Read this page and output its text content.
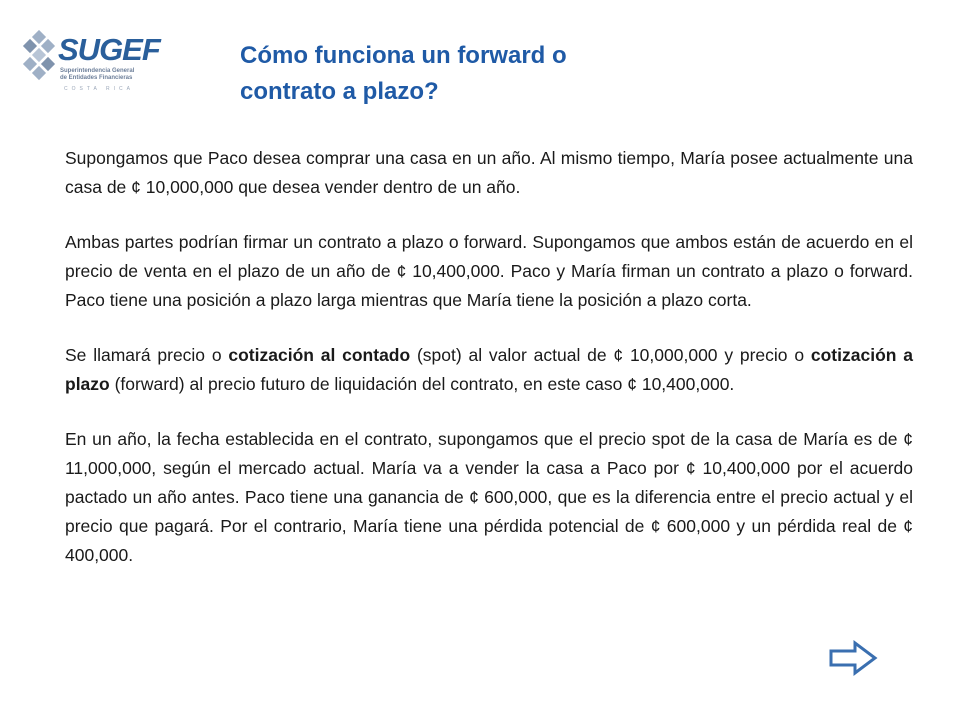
SUGEF
Superintendencia General
de Entidades Financieras
COSTA RICA
Cómo funciona un forward o
contrato a plazo?

Supongamos que Paco desea comprar una casa en un año. Al mismo tiempo, María posee actualmente una casa de ¢ 10,000,000 que desea vender dentro de un año.

Ambas partes podrían firmar un contrato a plazo o forward. Supongamos que ambos están de acuerdo en el precio de venta en el plazo de un año de ¢ 10,400,000. Paco y María firman un contrato a plazo o forward. Paco tiene una posición a plazo larga mientras que María tiene la posición a plazo corta.

Se llamará precio o cotización al contado (spot) al valor actual de ¢ 10,000,000 y precio o cotización a plazo (forward) al precio futuro de liquidación del contrato, en este caso ¢ 10,400,000.

En un año, la fecha establecida en el contrato, supongamos que el precio spot de la casa de María es de ¢ 11,000,000, según el mercado actual. María va a vender la casa a Paco por ¢ 10,400,000 por el acuerdo pactado un año antes. Paco tiene una ganancia de ¢ 600,000, que es la diferencia entre el precio actual y el precio que pagará. Por el contrario, María tiene una pérdida potencial de ¢ 600,000 y un pérdida real de ¢ 400,000.
